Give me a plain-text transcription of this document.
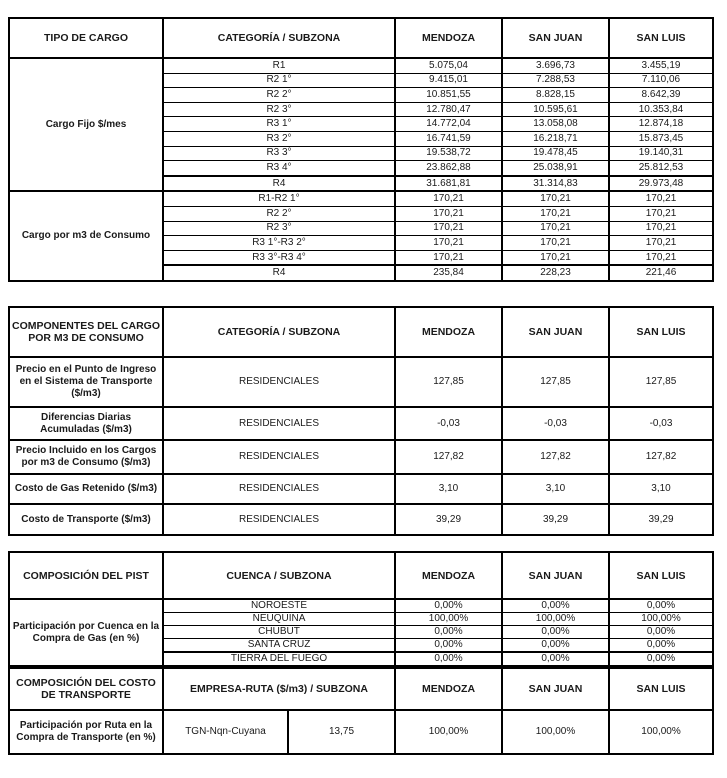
TIPO DE CARGO	CATEGORÍA / SUBZONA	MENDOZA	SAN JUAN	SAN LUIS
Cargo Fijo $/mes	R1	5.075,04	3.696,73	3.455,19
	R2 1°	9.415,01	7.288,53	7.110,06
	R2 2°	10.851,55	8.828,15	8.642,39
	R2 3°	12.780,47	10.595,61	10.353,84
	R3 1°	14.772,04	13.058,08	12.874,18
	R3 2°	16.741,59	16.218,71	15.873,45
	R3 3°	19.538,72	19.478,45	19.140,31
	R3 4°	23.862,88	25.038,91	25.812,53
	R4	31.681,81	31.314,83	29.973,48
Cargo por m3 de Consumo	R1-R2 1°	170,21	170,21	170,21
	R2 2°	170,21	170,21	170,21
	R2 3°	170,21	170,21	170,21
	R3 1°-R3 2°	170,21	170,21	170,21
	R3 3°-R3 4°	170,21	170,21	170,21
	R4	235,84	228,23	221,46
COMPONENTES DEL CARGO POR M3 DE CONSUMO	CATEGORÍA / SUBZONA	MENDOZA	SAN JUAN	SAN LUIS
Precio en el Punto de Ingreso en el Sistema de Transporte ($/m3)	RESIDENCIALES	127,85	127,85	127,85
Diferencias Diarias Acumuladas ($/m3)	RESIDENCIALES	-0,03	-0,03	-0,03
Precio Incluido en los Cargos por m3 de Consumo ($/m3)	RESIDENCIALES	127,82	127,82	127,82
Costo de Gas Retenido ($/m3)	RESIDENCIALES	3,10	3,10	3,10
Costo de Transporte ($/m3)	RESIDENCIALES	39,29	39,29	39,29
COMPOSICIÓN DEL PIST	CUENCA / SUBZONA		MENDOZA	SAN JUAN	SAN LUIS
Participación por Cuenca en la Compra de Gas (en %)	NOROESTE		0,00%	0,00%	0,00%
	NEUQUINA		100,00%	100,00%	100,00%
	CHUBUT		0,00%	0,00%	0,00%
	SANTA CRUZ		0,00%	0,00%	0,00%
	TIERRA DEL FUEGO		0,00%	0,00%	0,00%
COMPOSICIÓN DEL COSTO DE TRANSPORTE	EMPRESA-RUTA ($/m3) / SUBZONA		MENDOZA	SAN JUAN	SAN LUIS
Participación por Ruta en la Compra de Transporte (en %)	TGN-Nqn-Cuyana	13,75	100,00%	100,00%	100,00%
